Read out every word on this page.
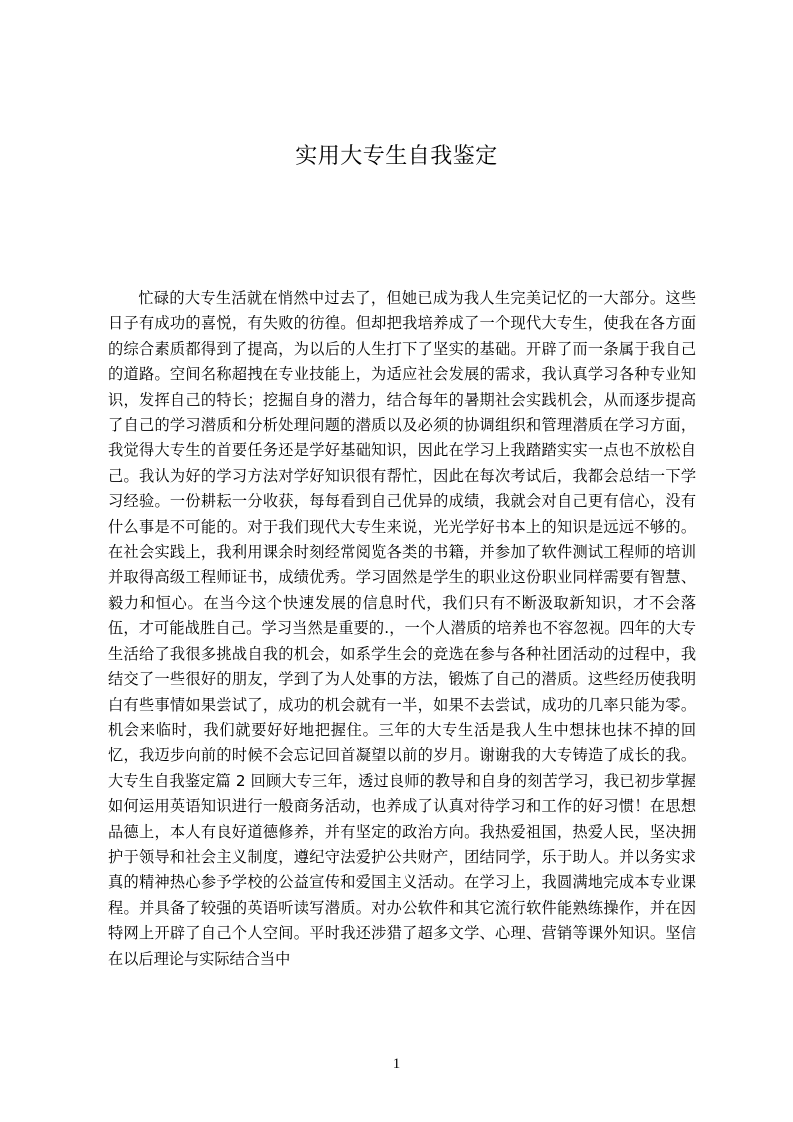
实用大专生自我鉴定

忙碌的大专生活就在悄然中过去了，但她已成为我人生完美记忆的一大部分。这些日子有成功的喜悦，有失败的彷徨。但却把我培养成了一个现代大专生，使我在各方面的综合素质都得到了提高，为以后的人生打下了坚实的基础。开辟了而一条属于我自己的道路。空间名称超拽在专业技能上，为适应社会发展的需求，我认真学习各种专业知识，发挥自己的特长；挖掘自身的潜力，结合每年的暑期社会实践机会，从而逐步提高了自己的学习潜质和分析处理问题的潜质以及必须的协调组织和管理潜质在学习方面，我觉得大专生的首要任务还是学好基础知识，因此在学习上我踏踏实实一点也不放松自己。我认为好的学习方法对学好知识很有帮忙，因此在每次考试后，我都会总结一下学习经验。一份耕耘一分收获，每每看到自己优异的成绩，我就会对自己更有信心，没有什么事是不可能的。对于我们现代大专生来说，光光学好书本上的知识是远远不够的。在社会实践上，我利用课余时刻经常阅览各类的书籍，并参加了软件测试工程师的培训并取得高级工程师证书，成绩优秀。学习固然是学生的职业这份职业同样需要有智慧、毅力和恒心。在当今这个快速发展的信息时代，我们只有不断汲取新知识，才不会落伍，才可能战胜自己。学习当然是重要的.，一个人潜质的培养也不容忽视。四年的大专生活给了我很多挑战自我的机会，如系学生会的竞选在参与各种社团活动的过程中，我结交了一些很好的朋友，学到了为人处事的方法，锻炼了自己的潜质。这些经历使我明白有些事情如果尝试了，成功的机会就有一半，如果不去尝试，成功的几率只能为零。机会来临时，我们就要好好地把握住。三年的大专生活是我人生中想抹也抹不掉的回忆，我迈步向前的时候不会忘记回首凝望以前的岁月。谢谢我的大专铸造了成长的我。大专生自我鉴定篇 2 回顾大专三年，透过良师的教导和自身的刻苦学习，我已初步掌握如何运用英语知识进行一般商务活动，也养成了认真对待学习和工作的好习惯！在思想品德上，本人有良好道德修养，并有坚定的政治方向。我热爱祖国，热爱人民，坚决拥护于领导和社会主义制度，遵纪守法爱护公共财产，团结同学，乐于助人。并以务实求真的精神热心参予学校的公益宣传和爱国主义活动。在学习上，我圆满地完成本专业课程。并具备了较强的英语听读写潜质。对办公软件和其它流行软件能熟练操作，并在因特网上开辟了自己个人空间。平时我还涉猎了超多文学、心理、营销等课外知识。坚信在以后理论与实际结合当中

1
